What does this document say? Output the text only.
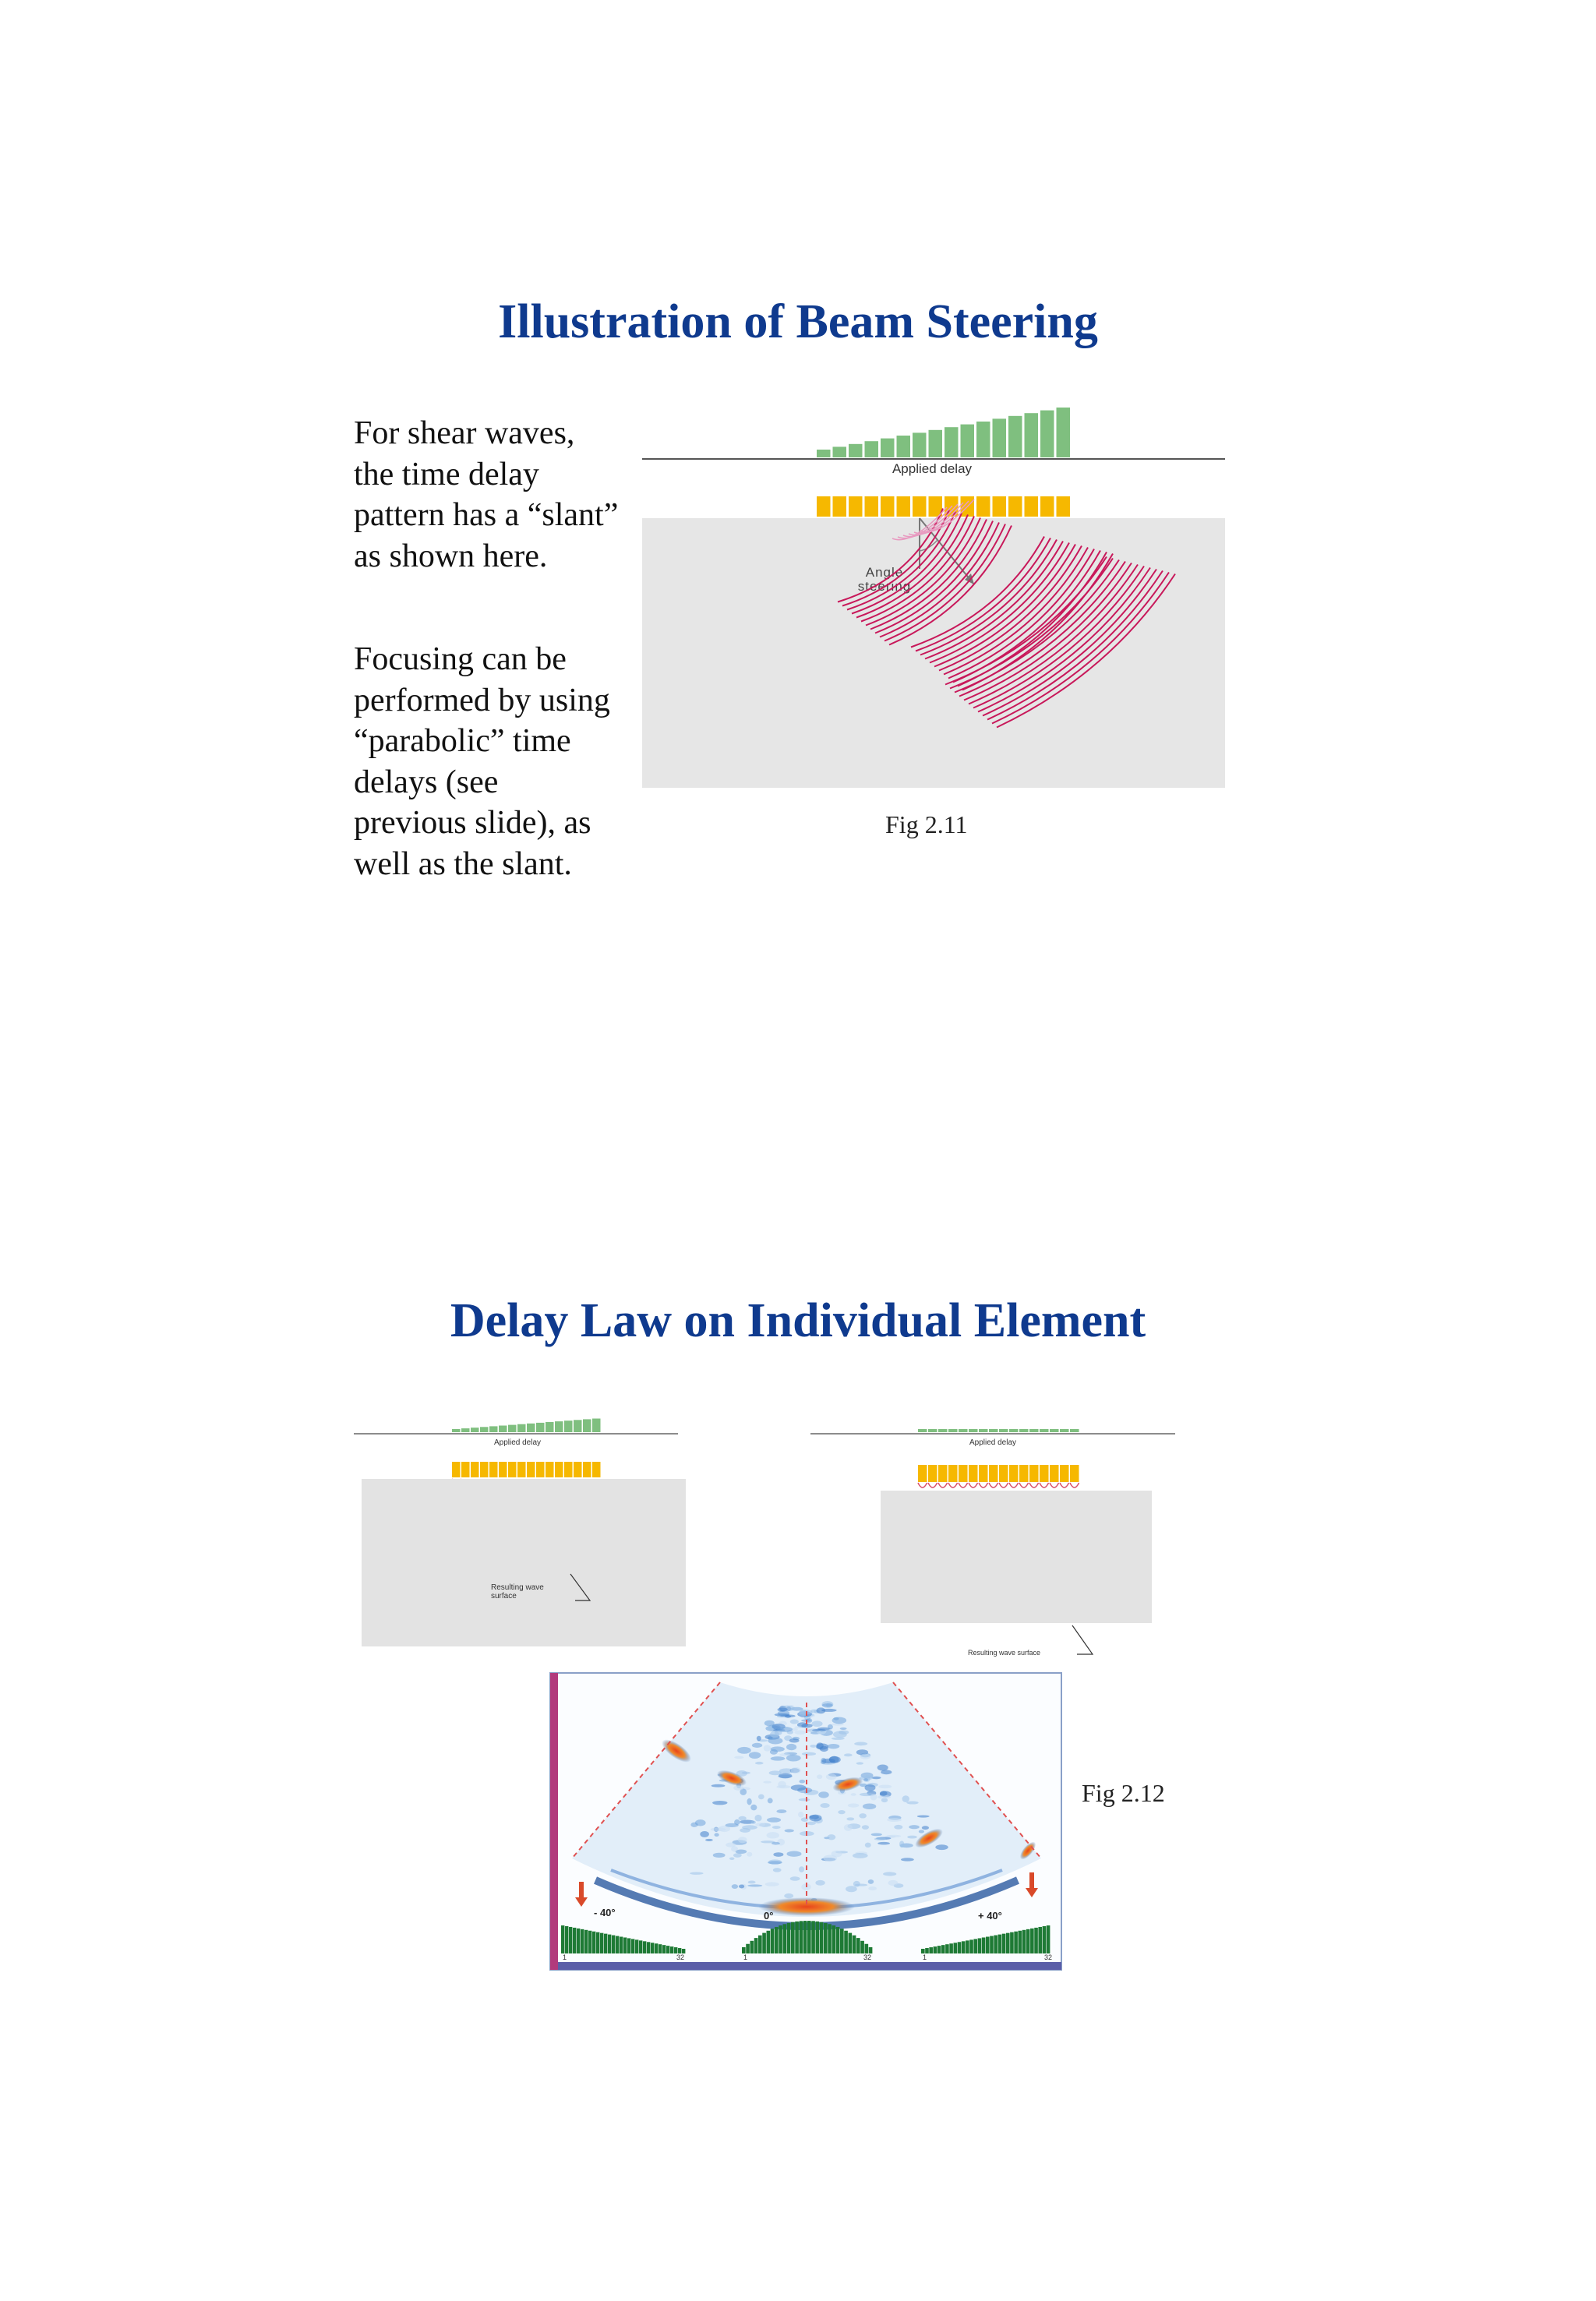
Illustration of Beam Steering

For shear waves, the time delay pattern has a “slant” as shown here.

Focusing can be performed by using “parabolic” time delays (see previous slide), as well as the slant.

Applied delay
Angle
steering
Fig 2.11
Delay Law on Individual Element
Applied delay
Resulting wave
surface
Applied delay
Resulting wave surface
- 40°	0°	+ 40°
1	32	1	32	1	32
Fig 2.12
